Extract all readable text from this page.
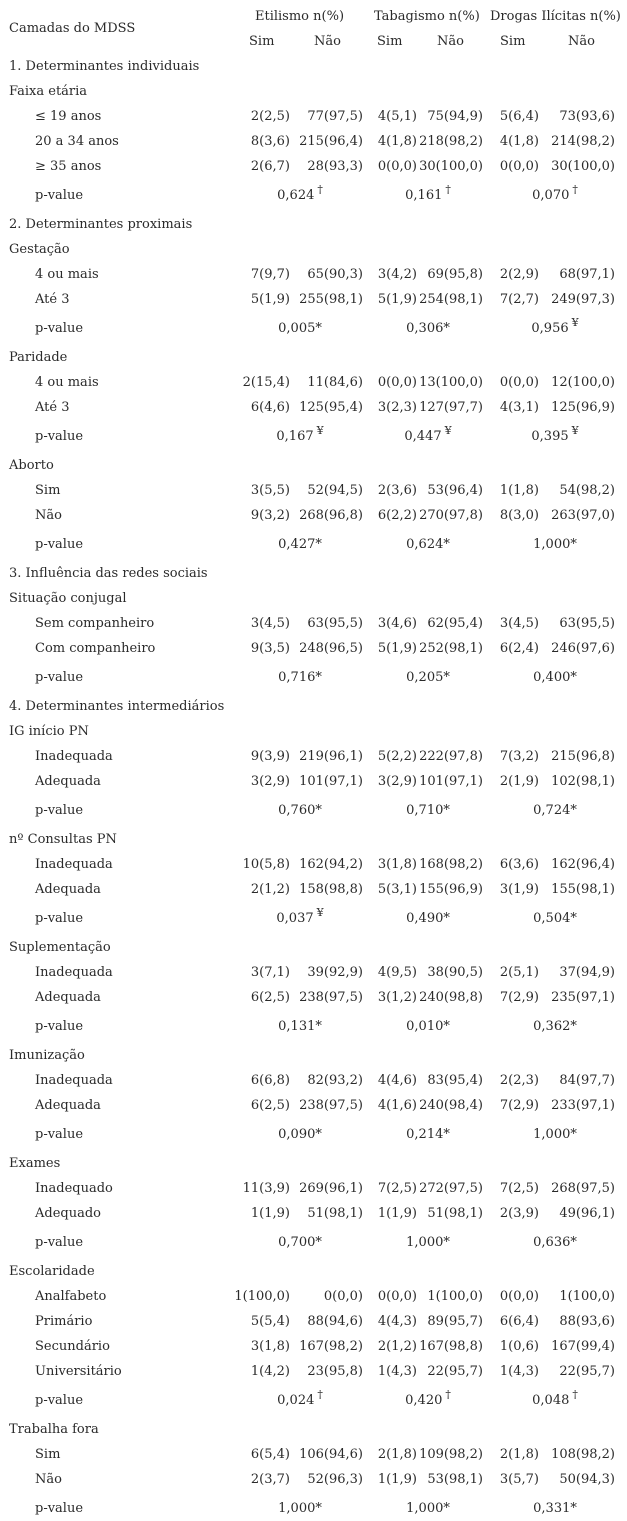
Camadas do MDSS
Etilismo n(%) Tabagismo n(%) Drogas Ilícitas n(%)
Sim	Não	Sim	Não	Sim	Não
1. Determinantes individuais
Faixa etária
≤ 19 anos	2(2,5) 77(97,5) 4(5,1) 75(94,9) 5(6,4) 73(93,6)
20 a 34 anos	8(3,6) 215(96,4) 4(1,8) 218(98,2) 4(1,8) 214(98,2)
≥ 35 anos	2(6,7) 28(93,3) 0(0,0) 30(100,0) 0(0,0) 30(100,0)
p-value	0,624 †	0,161 †	0,070 †
2. Determinantes proximais
Gestação
4 ou mais	7(9,7) 65(90,3) 3(4,2) 69(95,8) 2(2,9) 68(97,1)
Até 3	5(1,9) 255(98,1) 5(1,9) 254(98,1) 7(2,7) 249(97,3)
p-value	0,005*	0,306*	0,956 ¥
Paridade
4 ou mais	2(15,4) 11(84,6) 0(0,0) 13(100,0) 0(0,0) 12(100,0)
Até 3	6(4,6) 125(95,4) 3(2,3) 127(97,7) 4(3,1) 125(96,9)
p-value	0,167 ¥	0,447 ¥	0,395 ¥
Aborto
Sim	3(5,5) 52(94,5) 2(3,6) 53(96,4) 1(1,8) 54(98,2)
Não	9(3,2) 268(96,8) 6(2,2) 270(97,8) 8(3,0) 263(97,0)
p-value	0,427*	0,624*	1,000*
3. Influência das redes sociais
Situação conjugal
Sem companheiro	3(4,5) 63(95,5) 3(4,6) 62(95,4) 3(4,5) 63(95,5)
Com companheiro	9(3,5) 248(96,5) 5(1,9) 252(98,1) 6(2,4) 246(97,6)
p-value	0,716*	0,205*	0,400*
4. Determinantes intermediários
IG início PN
Inadequada	9(3,9) 219(96,1) 5(2,2) 222(97,8) 7(3,2) 215(96,8)
Adequada	3(2,9) 101(97,1) 3(2,9) 101(97,1) 2(1,9) 102(98,1)
p-value	0,760*	0,710*	0,724*
nº Consultas PN
Inadequada	10(5,8) 162(94,2) 3(1,8) 168(98,2) 6(3,6) 162(96,4)
Adequada	2(1,2) 158(98,8) 5(3,1) 155(96,9) 3(1,9) 155(98,1)
p-value	0,037 ¥	0,490*	0,504*
Suplementação
Inadequada	3(7,1) 39(92,9) 4(9,5) 38(90,5) 2(5,1) 37(94,9)
Adequada	6(2,5) 238(97,5) 3(1,2) 240(98,8) 7(2,9) 235(97,1)
p-value	0,131*	0,010*	0,362*
Imunização
Inadequada	6(6,8) 82(93,2) 4(4,6) 83(95,4) 2(2,3) 84(97,7)
Adequada	6(2,5) 238(97,5) 4(1,6) 240(98,4) 7(2,9) 233(97,1)
p-value	0,090*	0,214*	1,000*
Exames
Inadequado	11(3,9) 269(96,1) 7(2,5) 272(97,5) 7(2,5) 268(97,5)
Adequado	1(1,9) 51(98,1) 1(1,9) 51(98,1) 2(3,9) 49(96,1)
p-value	0,700*	1,000*	0,636*
Escolaridade
Analfabeto	1(100,0)	0(0,0) 0(0,0) 1(100,0) 0(0,0) 1(100,0)
Primário	5(5,4) 88(94,6) 4(4,3) 89(95,7) 6(6,4) 88(93,6)
Secundário	3(1,8) 167(98,2) 2(1,2) 167(98,8) 1(0,6) 167(99,4)
Universitário	1(4,2) 23(95,8) 1(4,3) 22(95,7) 1(4,3) 22(95,7)
p-value	0,024 †	0,420 †	0,048 †
Trabalha fora
Sim	6(5,4) 106(94,6) 2(1,8) 109(98,2) 2(1,8) 108(98,2)
Não	2(3,7) 52(96,3) 1(1,9) 53(98,1) 3(5,7) 50(94,3)
p-value	1,000*	1,000*	0,331*
